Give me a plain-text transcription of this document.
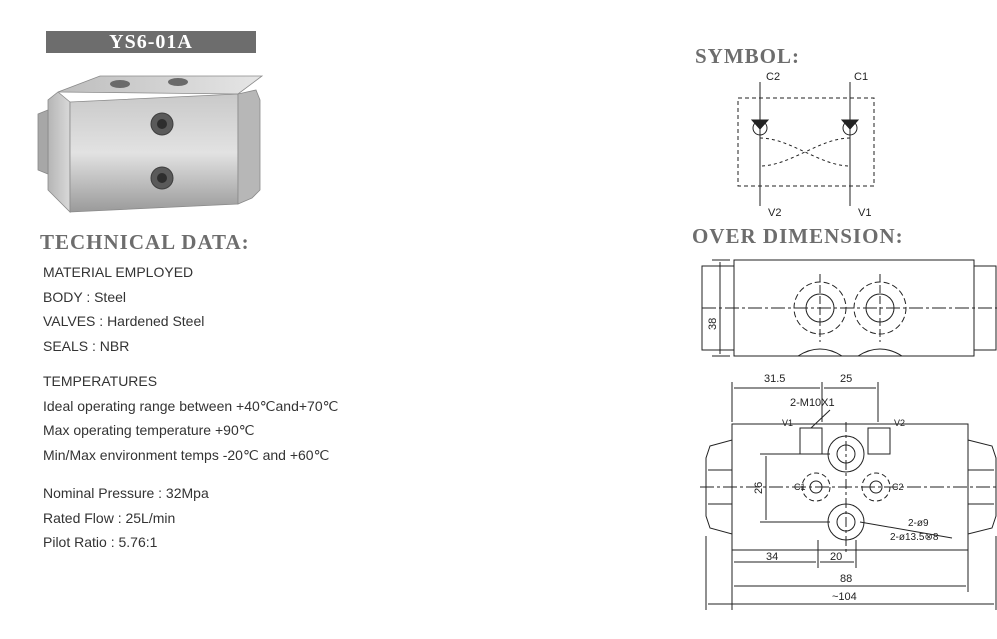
YS6-01A
TECHNICAL DATA:
MATERIAL EMPLOYED
BODY : Steel
VALVES : Hardened Steel
SEALS : NBR
TEMPERATURES
Ideal operating range between +40℃and+70℃
Max operating temperature +90℃
Min/Max environment temps -20℃ and +60℃
Nominal Pressure : 32Mpa
Rated Flow : 25L/min
Pilot Ratio : 5.76:1
SYMBOL:
C2	C1
V2	V1
OVER DIMENSION:
38
31.5	25
2-M10X1
V1	V2
C1	C2
26
34	20
88
~104
2-ø9
2-ø13.5⊗8
